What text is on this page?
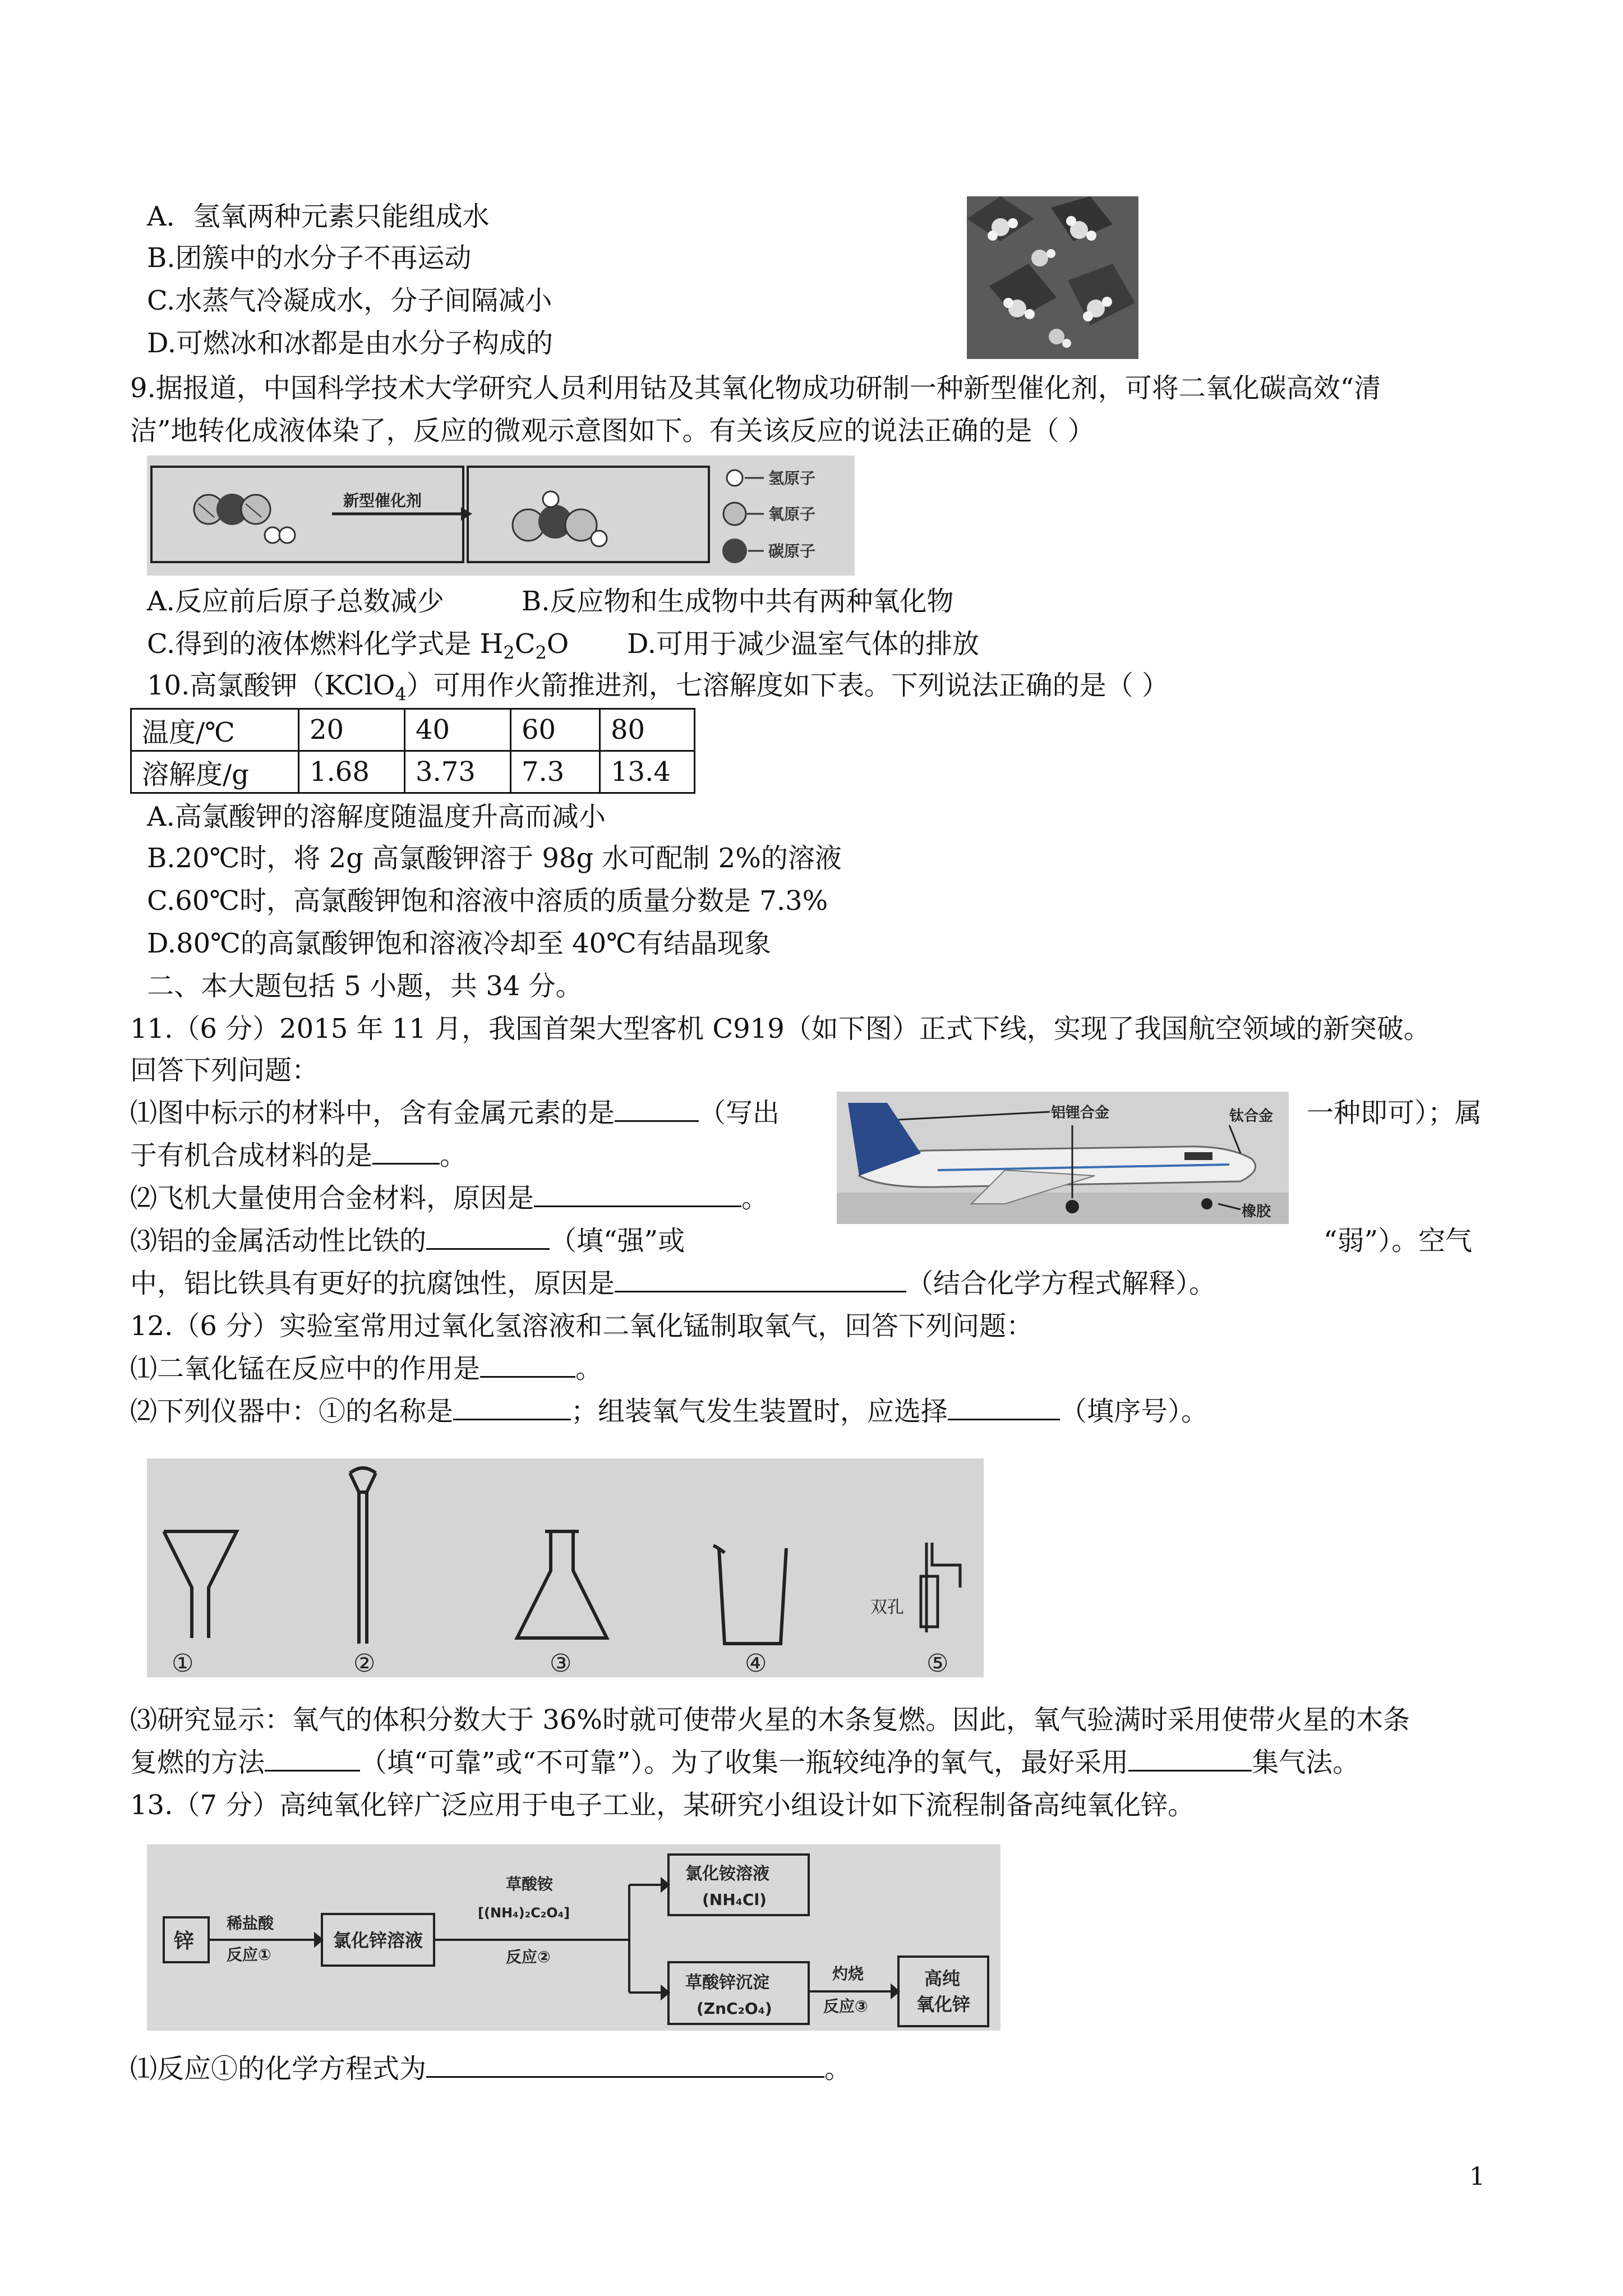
A．氢氧两种元素只能组成水
B.团簇中的水分子不再运动
C.水蒸气冷凝成水，分子间隔减小
D.可燃冰和冰都是由水分子构成的
9.据报道，中国科学技术大学研究人员利用钴及其氧化物成功研制一种新型催化剂，可将二氧化碳高效“清
洁”地转化成液体染了，反应的微观示意图如下。有关该反应的说法正确的是（ ）
新型催化剂
氢原子
氧原子
碳原子
A.反应前后原子总数减少	B.反应物和生成物中共有两种氧化物
C.得到的液体燃料化学式是 $H_2C_2O$ D.可用于减少温室气体的排放
10.高氯酸钾（KClO$_4$）可用作火箭推进剂，七溶解度如下表。下列说法正确的是（ ）
温度/℃	20	40	60	80
溶解度/g	1.68	3.73	7.3	13.4
A.高氯酸钾的溶解度随温度升高而减小
B.20℃时，将 2g 高氯酸钾溶于 98g 水可配制 2%的溶液
C.60℃时，高氯酸钾饱和溶液中溶质的质量分数是 7.3%
D.80℃的高氯酸钾饱和溶液冷却至 40℃有结晶现象
二、本大题包括 5 小题，共 34 分。
11.（6 分）2015 年 11 月，我国首架大型客机 C919（如下图）正式下线，实现了我国航空领域的新突破。
回答下列问题：
⑴图中标示的材料中，含有金属元素的是	（写出	一种即可）；属
于有机合成材料的是	。
⑵飞机大量使用合金材料，原因是	。
⑶铝的金属活动性比铁的	（填“强”或	“弱”）。空气
中，铝比铁具有更好的抗腐蚀性，原因是	（结合化学方程式解释）。
铝锂合金	钛合金
橡胶
12.（6 分）实验室常用过氧化氢溶液和二氧化锰制取氧气，回答下列问题：
⑴二氧化锰在反应中的作用是	。
⑵下列仪器中：①的名称是	；组装氧气发生装置时，应选择	（填序号）。
双孔
①	②	③	④	⑤
⑶研究显示：氧气的体积分数大于 36%时就可使带火星的木条复燃。因此，氧气验满时采用使带火星的木条
复燃的方法	（填“可靠”或“不可靠”）。为了收集一瓶较纯净的氧气，最好采用	集气法。
13.（7 分）高纯氧化锌广泛应用于电子工业，某研究小组设计如下流程制备高纯氧化锌。
锌
稀盐酸
反应①
氯化锌溶液
草酸铵
[(NH₄)₂C₂O₄]
反应②
氯化铵溶液
(NH₄Cl)
草酸锌沉淀
(ZnC₂O₄)
灼烧
反应③
高纯
氧化锌
⑴反应①的化学方程式为	。
1
